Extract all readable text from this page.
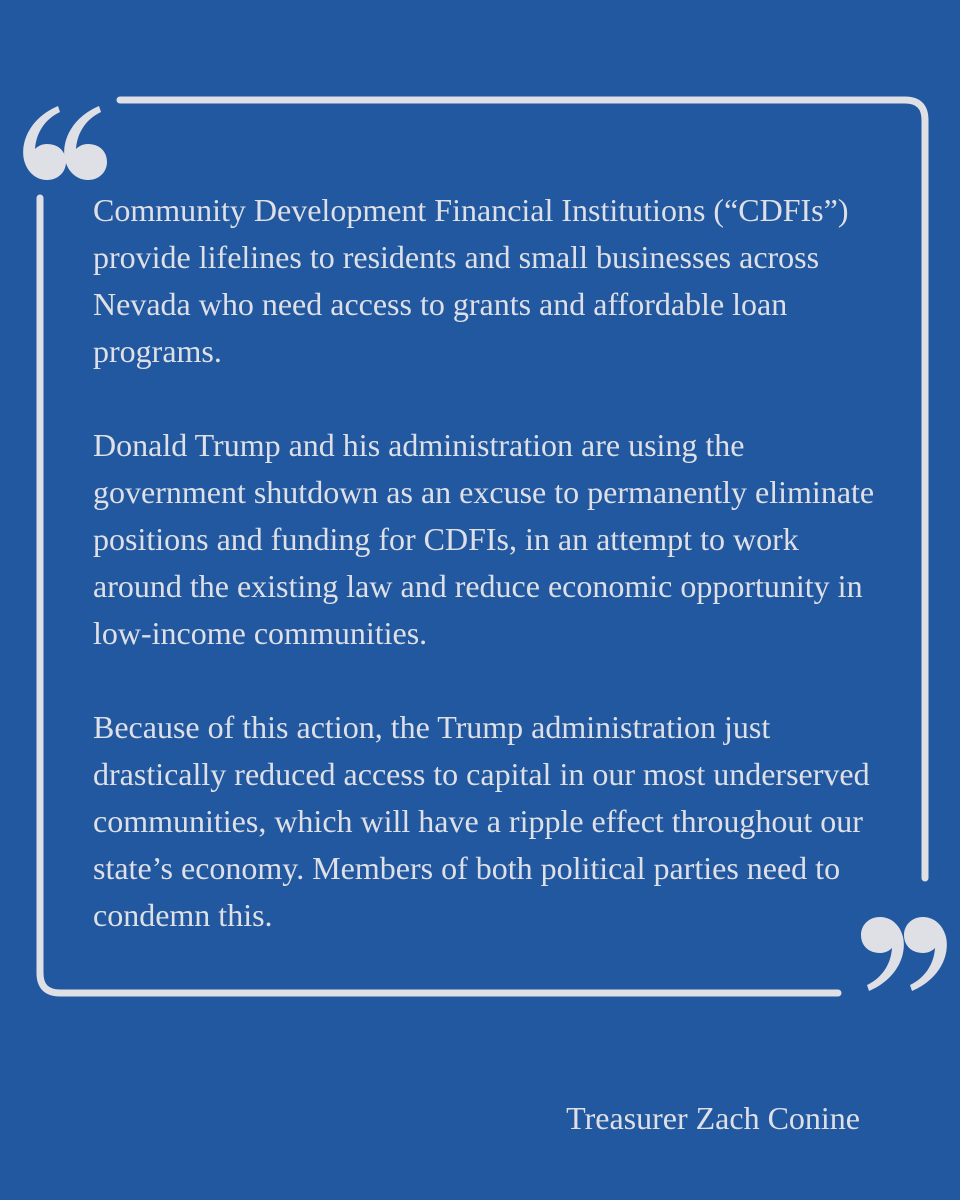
Community Development Financial Institutions (“CDFIs”) provide lifelines to residents and small businesses across Nevada who need access to grants and affordable loan programs.

Donald Trump and his administration are using the government shutdown as an excuse to permanently eliminate positions and funding for CDFIs, in an attempt to work around the existing law and reduce economic opportunity in low-income communities.

Because of this action, the Trump administration just drastically reduced access to capital in our most underserved communities, which will have a ripple effect throughout our state’s economy. Members of both political parties need to condemn this.

Treasurer Zach Conine
